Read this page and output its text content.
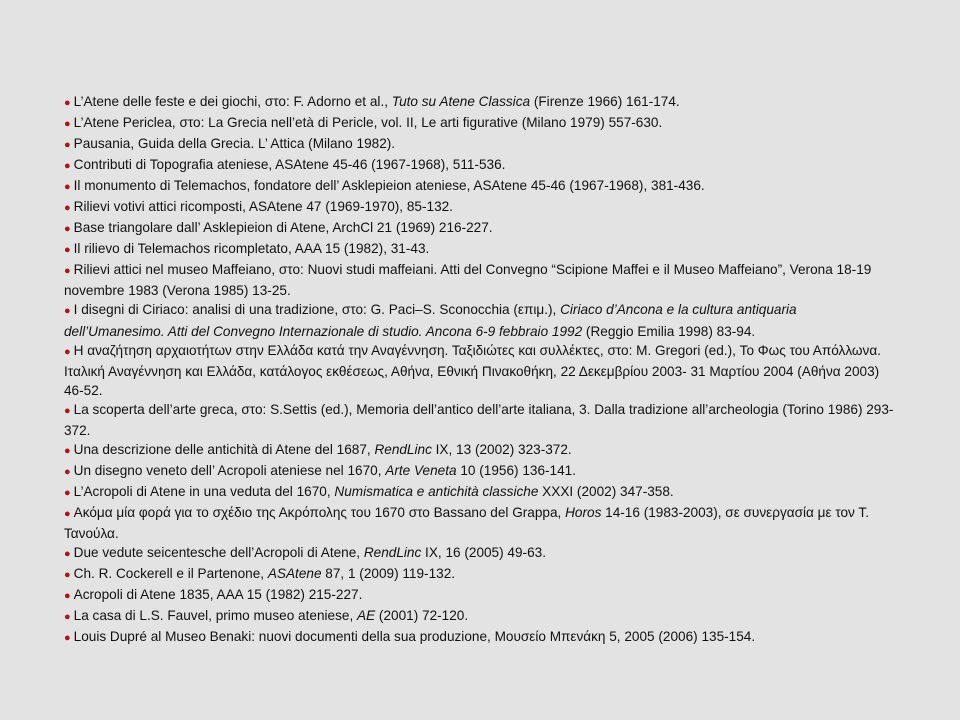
● L’Atene delle feste e dei giochi, στο: F. Adorno et al., Tuto su Atene Classica (Firenze 1966) 161-174.
● L’Atene Periclea, στο: La Grecia nell’età di Pericle, vol. II, Le arti figurative (Milano 1979) 557-630.
● Pausania, Guida della Grecia. L’ Attica (Milano 1982).
● Contributi di Topografia ateniese, ASAtene 45-46 (1967-1968), 511-536.
● Il monumento di Telemachos, fondatore dell’ Asklepieion ateniese, ASAtene 45-46 (1967-1968), 381-436.
● Rilievi votivi attici ricomposti, ASAtene 47 (1969-1970), 85-132.
● Base triangolare dall’ Asklepieion di Atene, ArchCl 21 (1969) 216-227.
● Il rilievo di Telemachos ricompletato, AAA 15 (1982), 31-43.
● Rilievi attici nel museo Maffeiano, στο: Nuovi studi maffeiani. Atti del Convegno “Scipione Maffei e il Museo Maffeiano”, Verona 18-19 novembre 1983 (Verona 1985) 13-25.
● I disegni di Ciriaco: analisi di una tradizione, στο: G. Paci–S. Sconocchia (επιμ.), Ciriaco d’Ancona e la cultura antiquaria dell’Umanesimo. Atti del Convegno Internazionale di studio. Ancona 6-9 febbraio 1992 (Reggio Emilia 1998) 83-94.
● Η αναζήτηση αρχαιοτήτων στην Ελλάδα κατά την Αναγέννηση. Ταξιδιώτες και συλλέκτες, στο: M. Gregori (ed.), Το Φως του Απόλλωνα. Ιταλική Αναγέννηση και Ελλάδα, κατάλογος εκθέσεως, Αθήνα, Εθνική Πινακοθήκη, 22 Δεκεμβρίου 2003- 31 Μαρτίου 2004 (Αθήνα 2003) 46-52.
● La scoperta dell’arte greca, στο: S.Settis (ed.), Memoria dell’antico dell’arte italiana, 3. Dalla tradizione all’archeologia (Torino 1986) 293-372.
● Una descrizione delle antichità di Atene del 1687, RendLinc IX, 13 (2002) 323-372.
● Un disegno veneto dell’ Acropoli ateniese nel 1670, Arte Veneta 10 (1956) 136-141.
● L’Acropoli di Atene in una veduta del 1670, Numismatica e antichità classiche XXXI (2002) 347-358.
● Ακόμα μία φορά για το σχέδιο της Ακρόπολης του 1670 στο Bassano del Grappa, Horos 14-16 (1983-2003), σε συνεργασία με τον Τ. Τανούλα.
● Due vedute seicentesche dell’Acropoli di Atene, RendLinc IX, 16 (2005) 49-63.
● Ch. R. Cockerell e il Partenone, ASAtene 87, 1 (2009) 119-132.
● Acropoli di Atene 1835, AAA 15 (1982) 215-227.
● La casa di L.S. Fauvel, primo museo ateniese, AE (2001) 72-120.
● Louis Dupré al Museo Benaki: nuovi documenti della sua produzione, Μουσείο Μπενάκη 5, 2005 (2006) 135-154.
